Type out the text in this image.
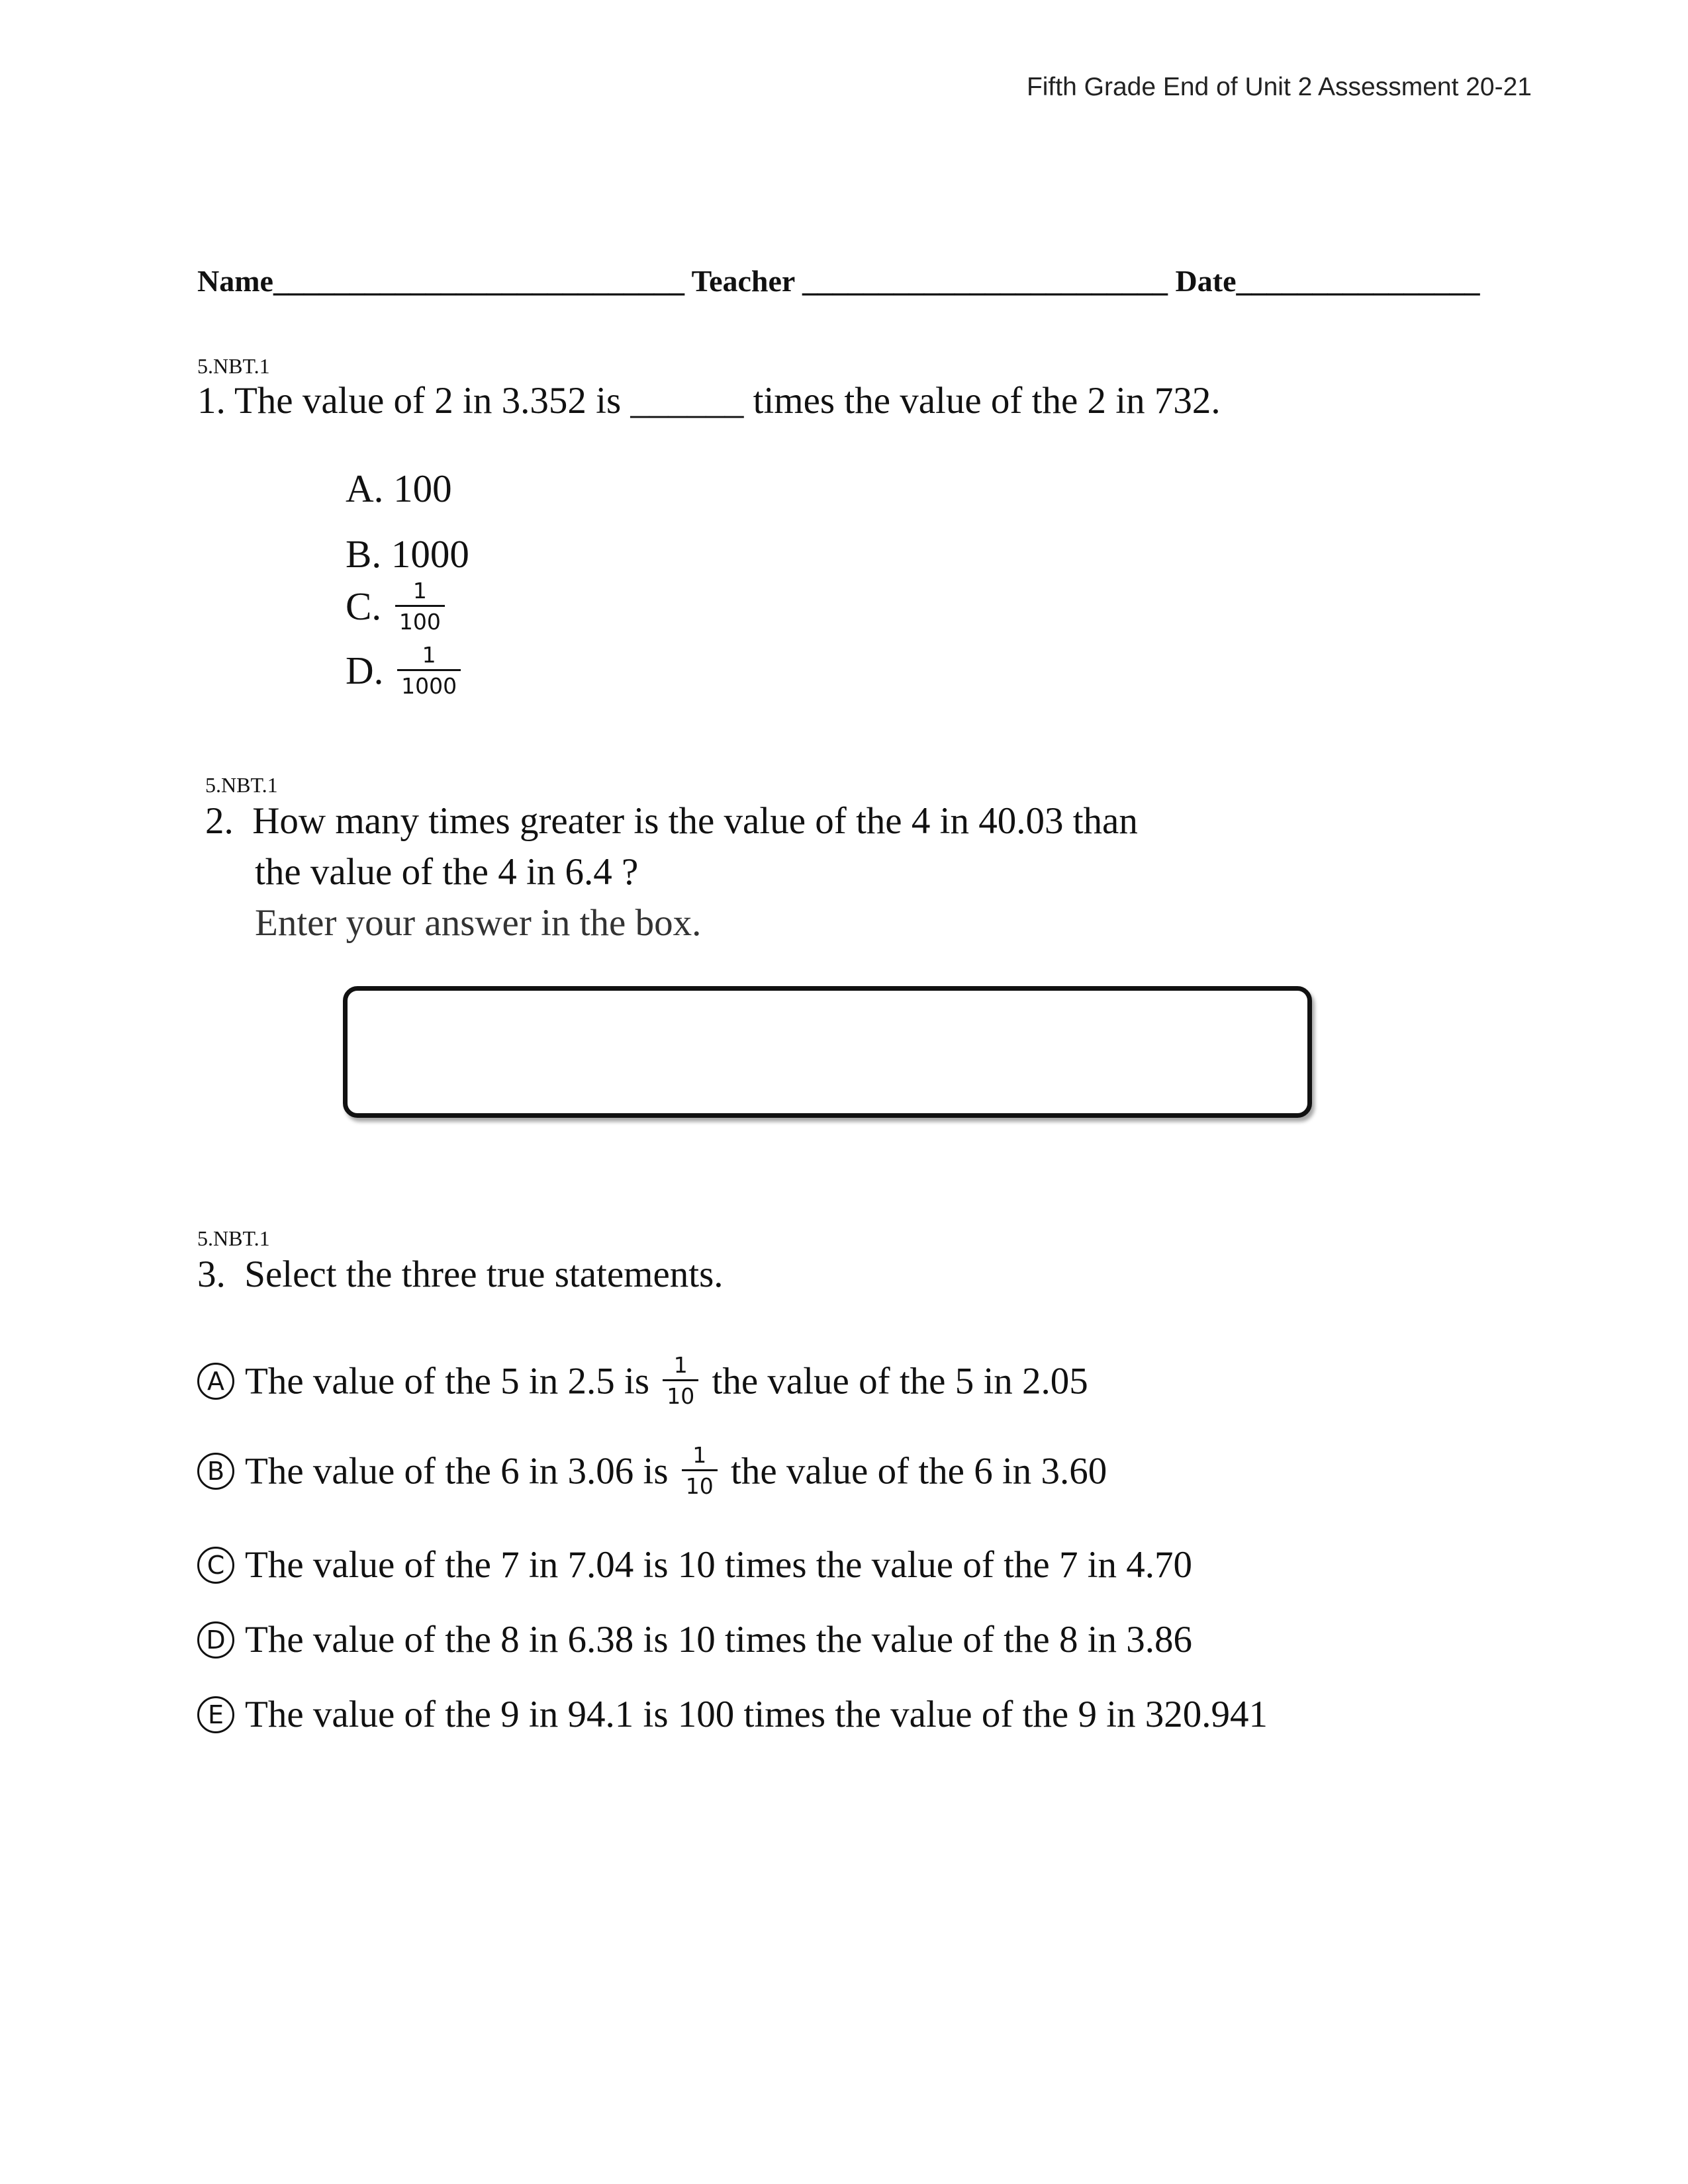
Fifth Grade End of Unit 2 Assessment 20-21
Name___________________________ Teacher ________________________ Date________________
5.NBT.1
1. The value of 2 in 3.352 is ______ times the value of the 2 in 732.
A. 100
B. 1000
C. $\frac{1}{100}$
D. $\frac{1}{1000}$
5.NBT.1
2. How many times greater is the value of the 4 in 40.03 than
the value of the 4 in 6.4 ?
Enter your answer in the box.
5.NBT.1
3. Select the three true statements.
A The value of the 5 in 2.5 is $\frac{1}{10}$ the value of the 5 in 2.05
B The value of the 6 in 3.06 is $\frac{1}{10}$ the value of the 6 in 3.60
C The value of the 7 in 7.04 is 10 times the value of the 7 in 4.70
D The value of the 8 in 6.38 is 10 times the value of the 8 in 3.86
E The value of the 9 in 94.1 is 100 times the value of the 9 in 320.941
